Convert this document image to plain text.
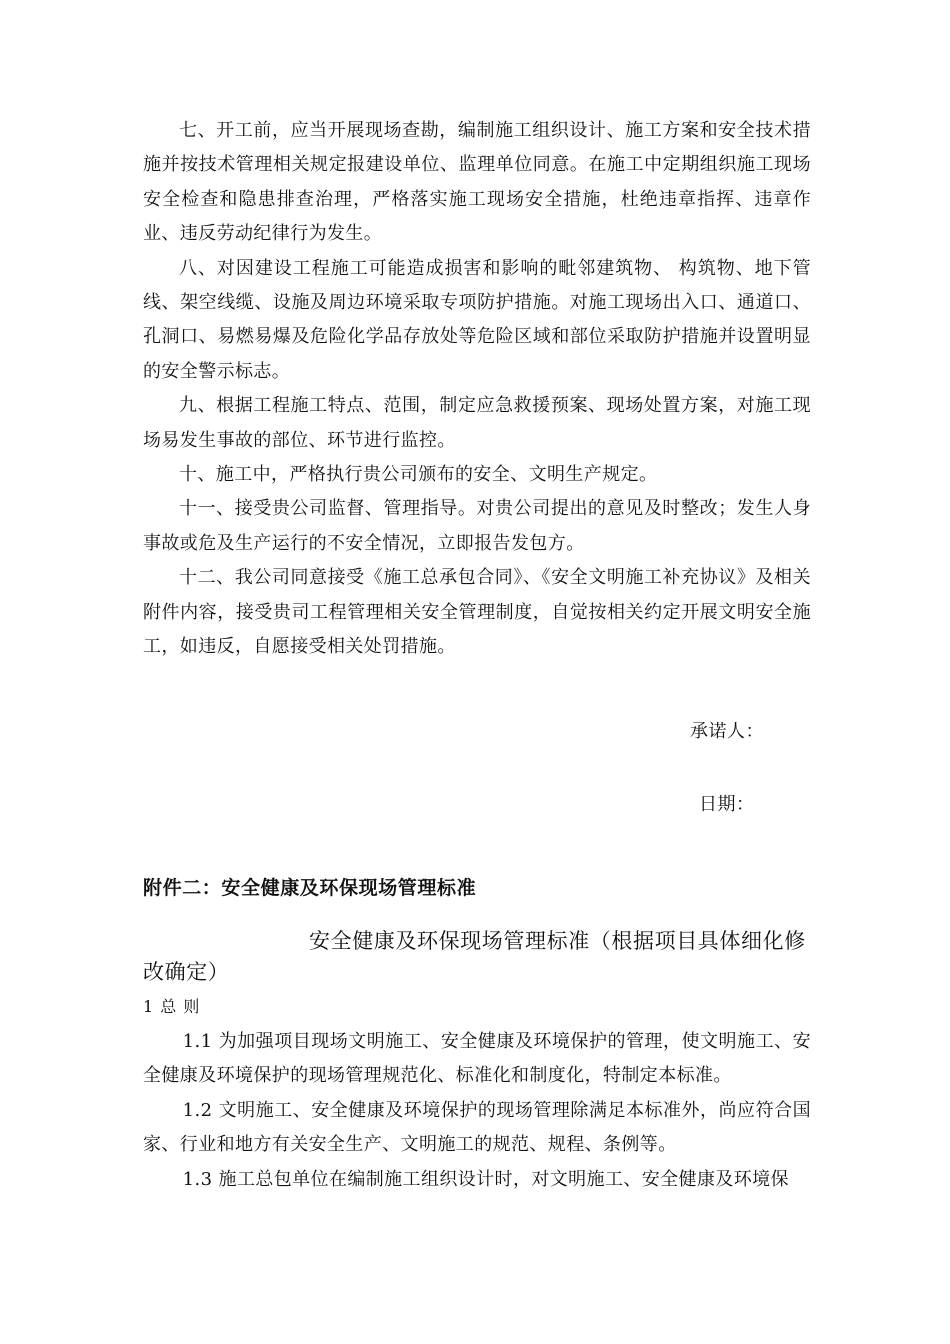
七、开工前，应当开展现场查勘，编制施工组织设计、施工方案和安全技术措施并按技术管理相关规定报建设单位、监理单位同意。在施工中定期组织施工现场安全检查和隐患排查治理，严格落实施工现场安全措施，杜绝违章指挥、违章作业、违反劳动纪律行为发生。

八、对因建设工程施工可能造成损害和影响的毗邻建筑物、 构筑物、地下管线、架空线缆、设施及周边环境采取专项防护措施。对施工现场出入口、通道口、孔洞口、易燃易爆及危险化学品存放处等危险区域和部位采取防护措施并设置明显的安全警示标志。

九、根据工程施工特点、范围，制定应急救援预案、现场处置方案，对施工现场易发生事故的部位、环节进行监控。

十、施工中，严格执行贵公司颁布的安全、文明生产规定。

十一、接受贵公司监督、管理指导。对贵公司提出的意见及时整改；发生人身事故或危及生产运行的不安全情况，立即报告发包方。

十二、我公司同意接受《施工总承包合同》、《安全文明施工补充协议》及相关附件内容，接受贵司工程管理相关安全管理制度，自觉按相关约定开展文明安全施工，如违反，自愿接受相关处罚措施。

承诺人：
日期：
附件二：安全健康及环保现场管理标准
安全健康及环保现场管理标准（根据项目具体细化修改确定）
1 总 则

1.1 为加强项目现场文明施工、安全健康及环境保护的管理，使文明施工、安全健康及环境保护的现场管理规范化、标准化和制度化，特制定本标准。

1.2 文明施工、安全健康及环境保护的现场管理除满足本标准外，尚应符合国家、行业和地方有关安全生产、文明施工的规范、规程、条例等。

1.3 施工总包单位在编制施工组织设计时，对文明施工、安全健康及环境保
